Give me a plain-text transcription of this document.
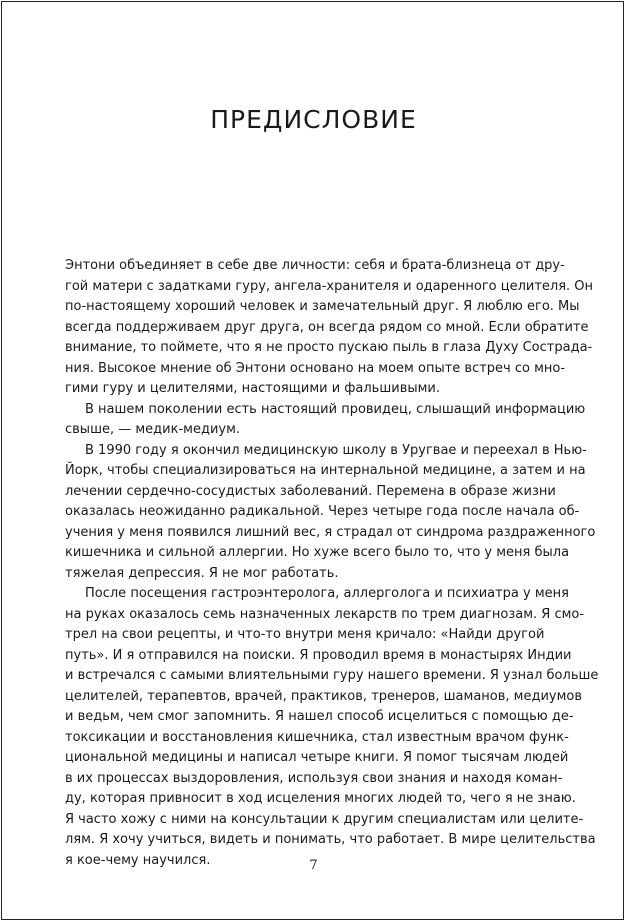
ПРЕДИСЛОВИЕ
Энтони объединяет в себе две личности: себя и брата-близнеца от дру-
гой матери с задатками гуру, ангела-хранителя и одаренного целителя. Он
по-настоящему хороший человек и замечательный друг. Я люблю его. Мы
всегда поддерживаем друг друга, он всегда рядом со мной. Если обратите
внимание, то поймете, что я не просто пускаю пыль в глаза Духу Сострада-
ния. Высокое мнение об Энтони основано на моем опыте встреч со мно-
гими гуру и целителями, настоящими и фальшивыми.
В нашем поколении есть настоящий провидец, слышащий информацию
свыше, — медик-медиум.
В 1990 году я окончил медицинскую школу в Уругвае и переехал в Нью-
Йорк, чтобы специализироваться на интернальной медицине, а затем и на
лечении сердечно-сосудистых заболеваний. Перемена в образе жизни
оказалась неожиданно радикальной. Через четыре года после начала об-
учения у меня появился лишний вес, я страдал от синдрома раздраженного
кишечника и сильной аллергии. Но хуже всего было то, что у меня была
тяжелая депрессия. Я не мог работать.
После посещения гастроэнтеролога, аллерголога и психиатра у меня
на руках оказалось семь назначенных лекарств по трем диагнозам. Я смо-
трел на свои рецепты, и что-то внутри меня кричало: «Найди другой
путь». И я отправился на поиски. Я проводил время в монастырях Индии
и встречался с самыми влиятельными гуру нашего времени. Я узнал больше
целителей, терапевтов, врачей, практиков, тренеров, шаманов, медиумов
и ведьм, чем смог запомнить. Я нашел способ исцелиться с помощью де-
токсикации и восстановления кишечника, стал известным врачом функ-
циональной медицины и написал четыре книги. Я помог тысячам людей
в их процессах выздоровления, используя свои знания и находя коман-
ду, которая привносит в ход исцеления многих людей то, чего я не знаю.
Я часто хожу с ними на консультации к другим специалистам или целите-
лям. Я хочу учиться, видеть и понимать, что работает. В мире целительства
я кое-чему научился.	7
